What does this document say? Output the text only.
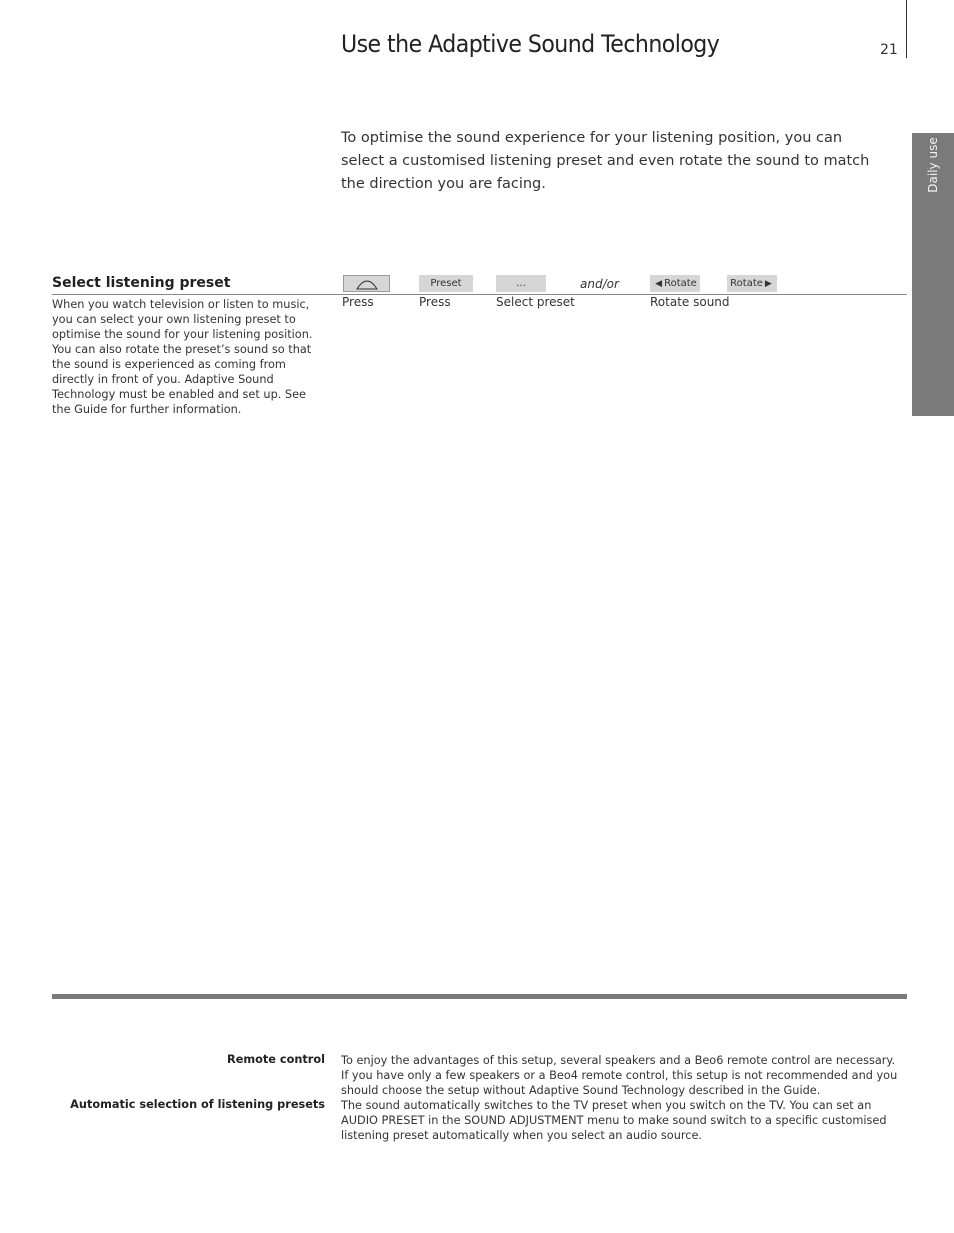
Use the Adaptive Sound Technology	21
Daily use

To optimise the sound experience for your listening position, you can select a customised listening preset and even rotate the sound to match the direction you are facing.

Select listening preset
When you watch television or listen to music, you can select your own listening preset to optimise the sound for your listening position. You can also rotate the preset’s sound so that the sound is experienced as coming from directly in front of you. Adaptive Sound Technology must be enabled and set up. See the Guide for further information.
Preset	…	and/or	◀ Rotate	Rotate ▶
Press	Press	Select preset	Rotate sound
Remote control To enjoy the advantages of this setup, several speakers and a Beo6 remote control are necessary. If you have only a few speakers or a Beo4 remote control, this setup is not recommended and you should choose the setup without Adaptive Sound Technology described in the Guide.
Automatic selection of listening presets The sound automatically switches to the TV preset when you switch on the TV. You can set an AUDIO PRESET in the SOUND ADJUSTMENT menu to make sound switch to a specific customised listening preset automatically when you select an audio source.
